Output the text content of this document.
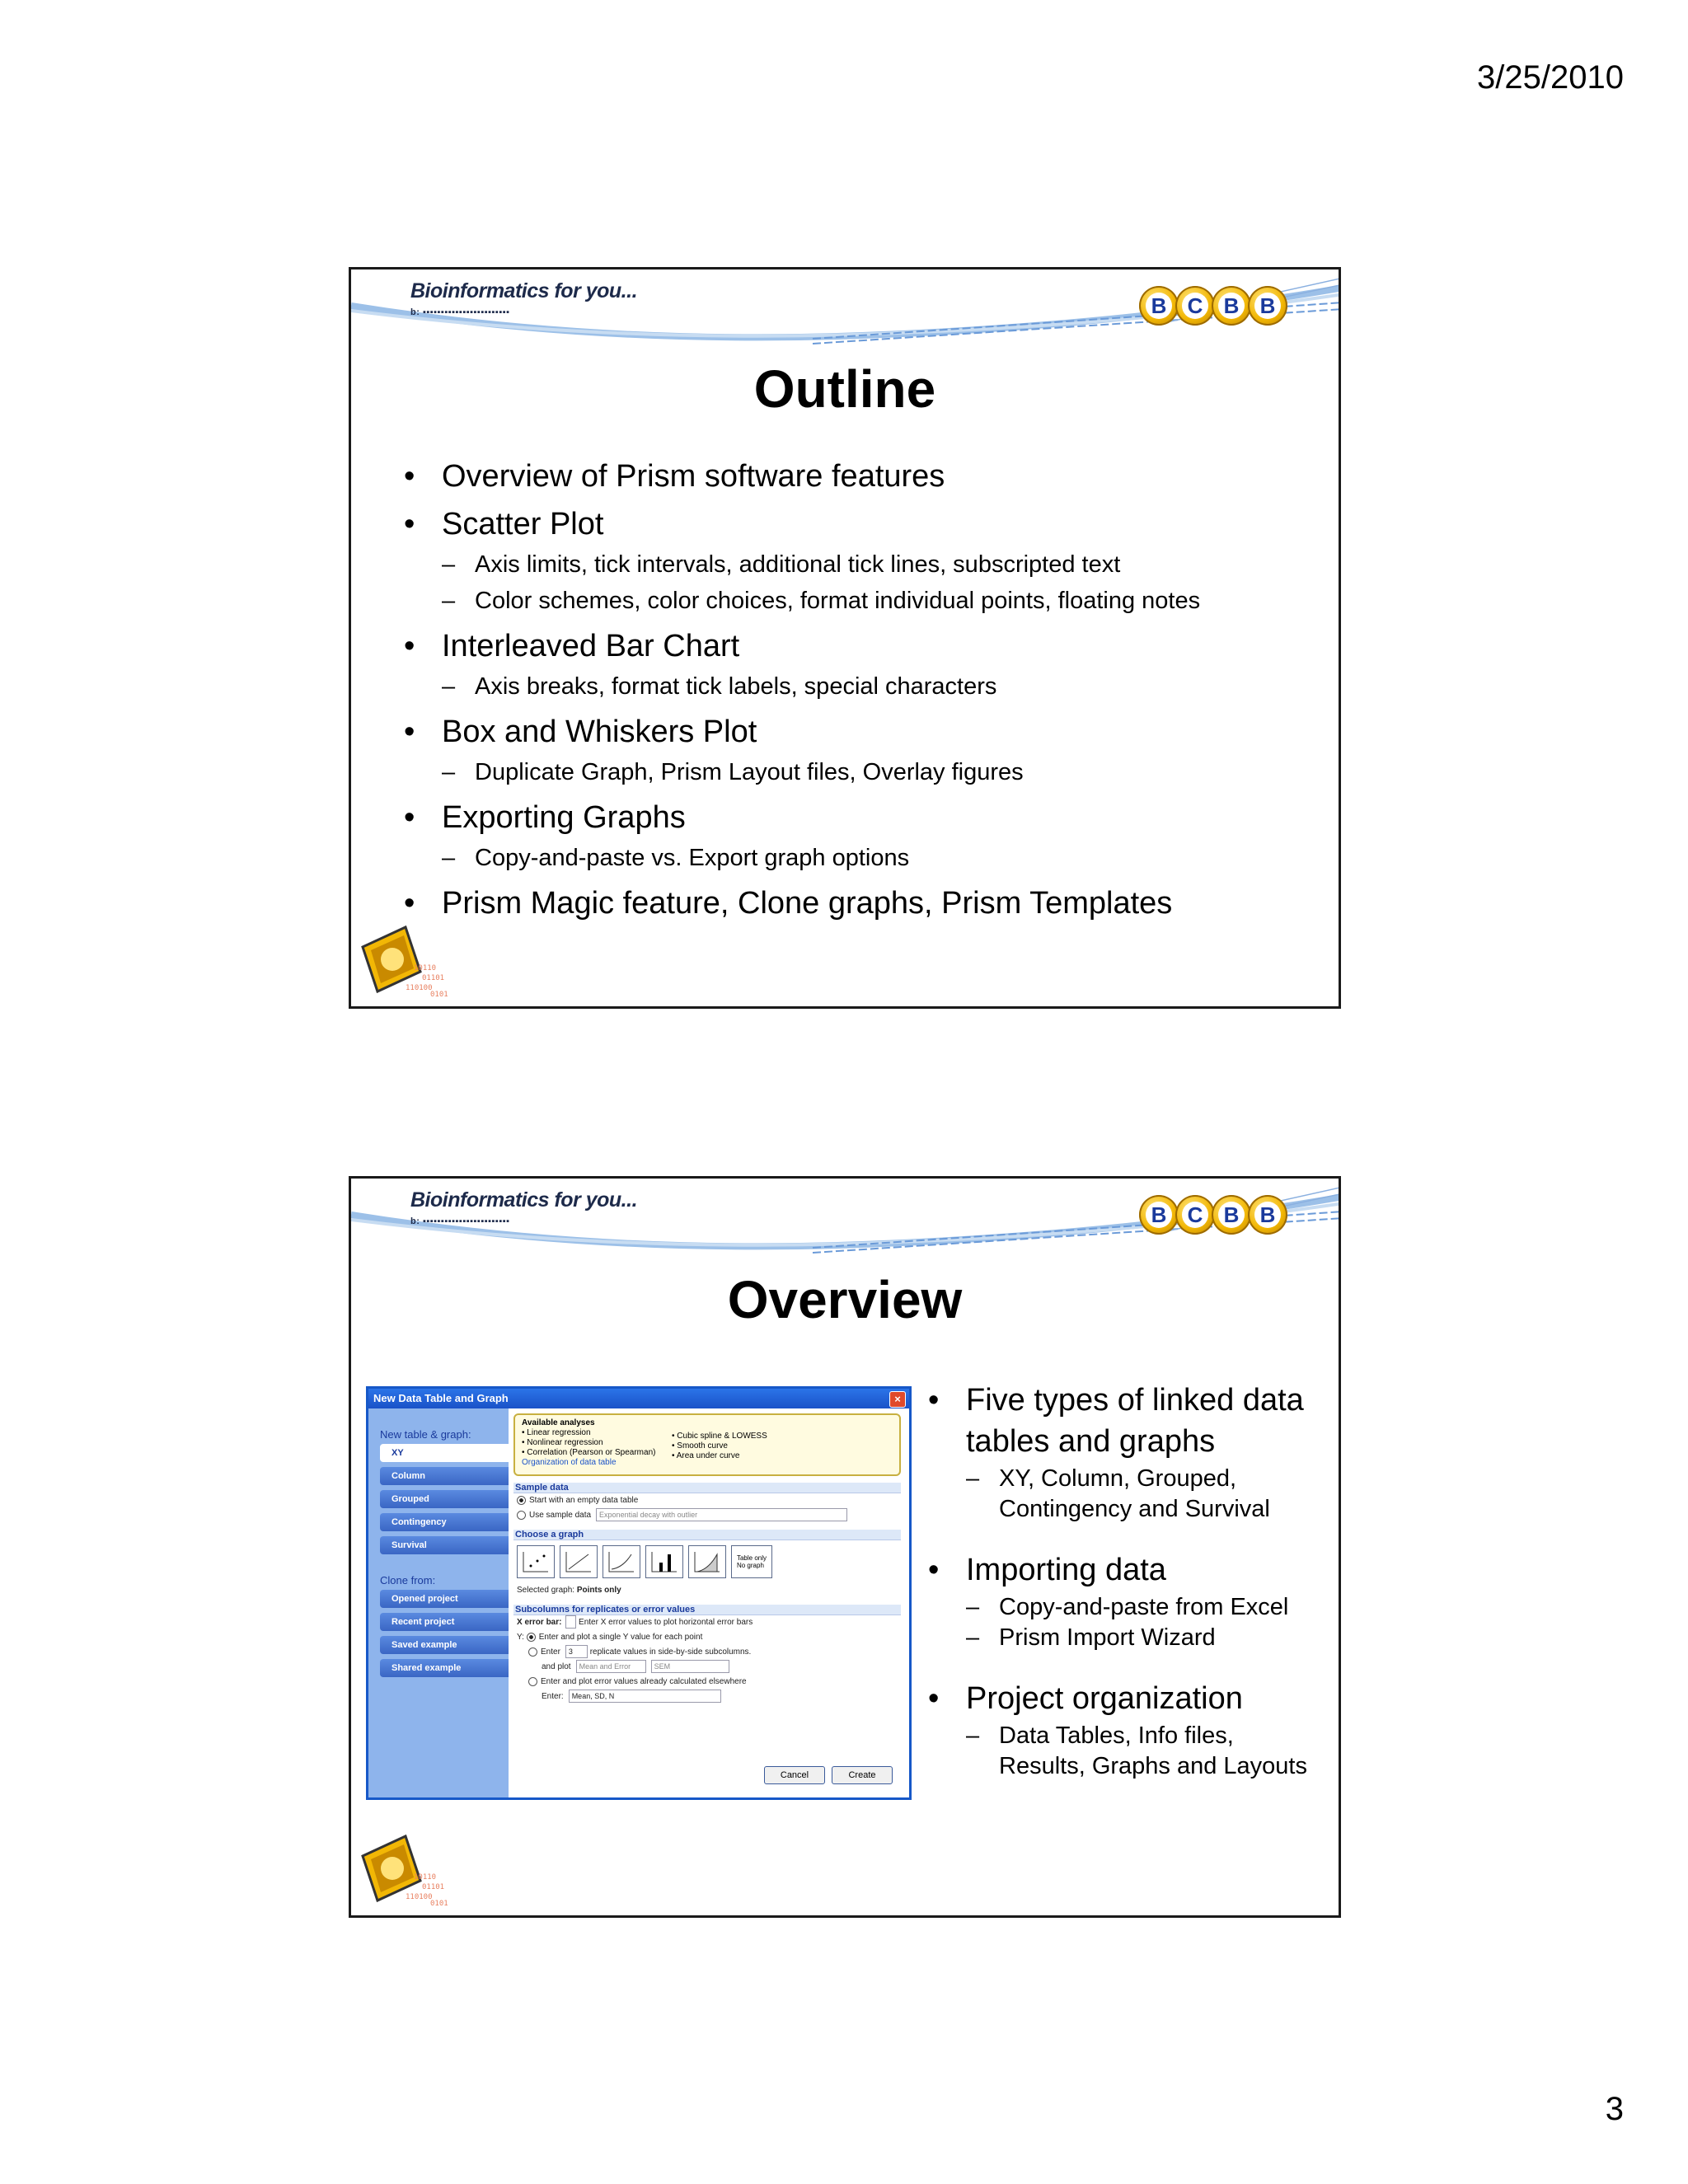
3/25/2010
Bioinformatics for you...
b: ▪▪▪▪▪▪▪▪▪▪▪▪▪▪▪▪▪▪▪▪▪▪▪▪	B C B B
Outline
• Overview of Prism software features
• Scatter Plot
– Axis limits, tick intervals, additional tick lines, subscripted text
– Color schemes, color choices, format individual points, floating notes
• Interleaved Bar Chart
– Axis breaks, format tick labels, special characters
• Box and Whiskers Plot
– Duplicate Graph, Prism Layout files, Overlay figures
• Exporting Graphs
– Copy-and-paste vs. Export graph options
• Prism Magic feature, Clone graphs, Prism Templates
10110
01101
110100
0101
Bioinformatics for you...
b: ▪▪▪▪▪▪▪▪▪▪▪▪▪▪▪▪▪▪▪▪▪▪▪▪	B C B B
Overview
New Data Table and Graph	×
New table & graph:
XY
Column
Grouped
Contingency
Survival
Clone from:
Opened project
Recent project
Saved example
Shared example
Available analyses
• Linear regression
• Nonlinear regression
• Correlation (Pearson or Spearman)
Organization of data table
• Cubic spline & LOWESS
• Smooth curve
• Area under curve
Sample data
Start with an empty data table
Use sample data Exponential decay with outlier
Choose a graph
Table only
No graph
Selected graph: Points only
Subcolumns for replicates or error values
X error bar: Enter X error values to plot horizontal error bars
Y: Enter and plot a single Y value for each point
Enter 3 replicate values in side-by-side subcolumns.
and plot Mean and Error	SEM
Enter and plot error values already calculated elsewhere
Enter: Mean, SD, N
Cancel	Create
• Five types of linked data tables and graphs
– XY, Column, Grouped, Contingency and Survival
• Importing data
– Copy-and-paste from Excel
– Prism Import Wizard
• Project organization
– Data Tables, Info files, Results, Graphs and Layouts
10110
01101
110100
0101
3
